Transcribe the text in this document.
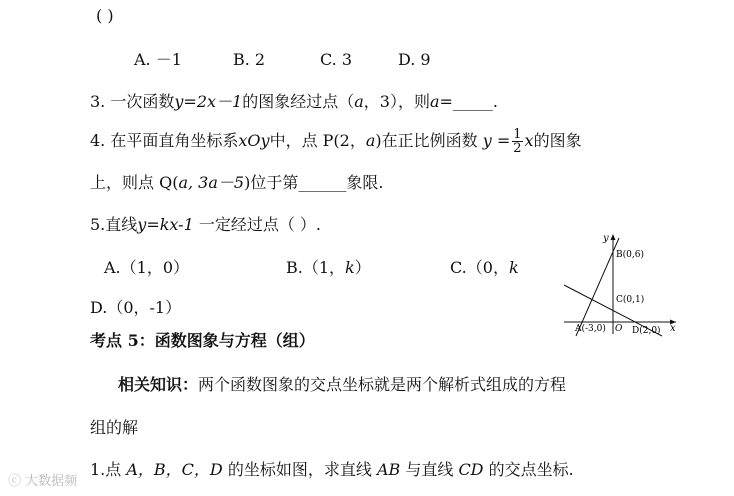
( )
A. －1	B. 2	C. 3	D. 9
3. 一次函数y=2x－1的图象经过点（a，3），则a=_____.
4. 在平面直角坐标系xOy中，点 P(2，a)在正比例函数 $y = \frac{1}{2}$ x的图象
上，则点 Q(a, 3a－5)位于第______象限.
5.直线y=kx-1 一定经过点（ ）.
A.（1，0）	B.（1，k）	C.（0，k
D.（0，-1）
考点 5：函数图象与方程（组）
相关知识：两个函数图象的交点坐标就是两个解析式组成的方程
组的解
1.点 A，B，C，D 的坐标如图，求直线 AB 与直线 CD 的交点坐标.
y
x
B(0,6)
C(0,1)
A(-3,0) O D(2,0)
ⓒ 大数据频
